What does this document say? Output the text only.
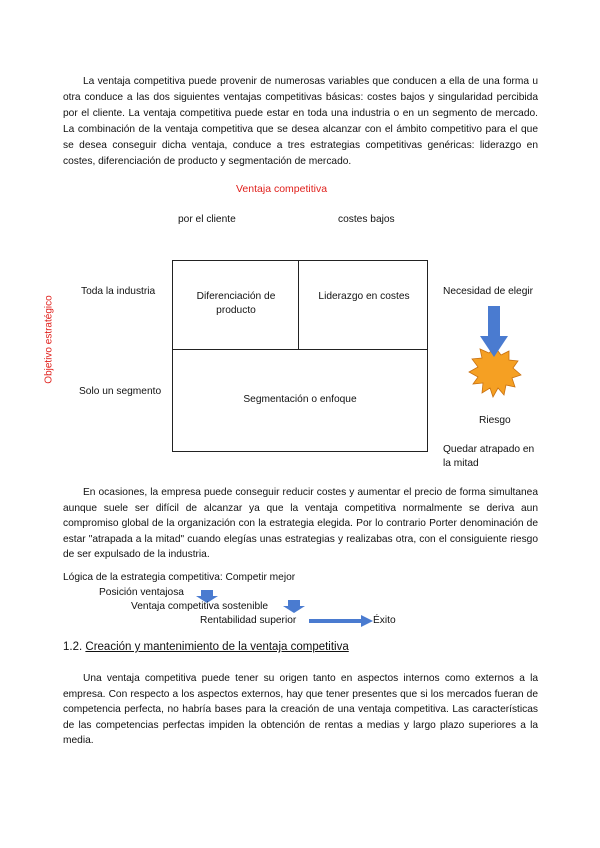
La ventaja competitiva puede provenir de numerosas variables que conducen a ella de una forma u otra conduce a las dos siguientes ventajas competitivas básicas: costes bajos y singularidad percibida por el cliente. La ventaja competitiva puede estar en toda una industria o en un segmento de mercado. La combinación de la ventaja competitiva que se desea alcanzar con el ámbito competitivo para el que se desea conseguir dicha ventaja, conduce a tres estrategias competitivas genéricas: liderazgo en costes, diferenciación de producto y segmentación de mercado.

Ventaja competitiva
por el cliente	costes bajos
Objetivo estratégico
Toda la industria
Solo un segmento
Diferenciación de producto
Liderazgo en costes
Segmentación o enfoque
Necesidad de elegir
Riesgo
Quedar atrapado en la mitad

En ocasiones, la empresa puede conseguir reducir costes y aumentar el precio de forma simultanea aunque suele ser difícil de alcanzar ya que la ventaja competitiva normalmente se deriva aun compromiso global de la organización con la estrategia elegida. Por lo contrario Porter denominación de estar "atrapada a la mitad" cuando elegías unas estrategias y realizabas otra, con el consiguiente riesgo de ser expulsado de la industria.

Lógica de la estrategia competitiva: Competir mejor
Posición ventajosa
Ventaja competitiva sostenible
Rentabilidad superior	Éxito
1.2. Creación y mantenimiento de la ventaja competitiva

Una ventaja competitiva puede tener su origen tanto en aspectos internos como externos a la empresa. Con respecto a los aspectos externos, hay que tener presentes que si los mercados fueran de competencia perfecta, no habría bases para la creación de una ventaja competitiva. Las características de las competencias perfectas impiden la obtención de rentas a medias y largo plazo superiores a la media.
